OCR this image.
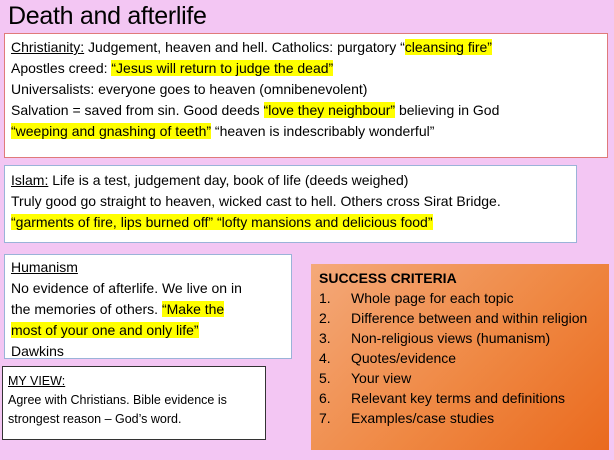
Death and afterlife
Christianity: Judgement, heaven and hell. Catholics: purgatory “cleansing fire”
Apostles creed: “Jesus will return to judge the dead”
Universalists: everyone goes to heaven (omnibenevolent)
Salvation = saved from sin. Good deeds “love they neighbour” believing in God
“weeping and gnashing of teeth” “heaven is indescribably wonderful”
Islam: Life is a test, judgement day, book of life (deeds weighed)
Truly good go straight to heaven, wicked cast to hell. Others cross Sirat Bridge.
“garments of fire, lips burned off” “lofty mansions and delicious food”
Humanism
No evidence of afterlife. We live on in
the memories of others. “Make the
most of your one and only life”
Dawkins
MY VIEW:
Agree with Christians. Bible evidence is
strongest reason – God’s word.
SUCCESS CRITERIA
1.	Whole page for each topic
2.	Difference between and within religion
3.	Non-religious views (humanism)
4.	Quotes/evidence
5.	Your view
6.	Relevant key terms and definitions
7.	Examples/case studies
